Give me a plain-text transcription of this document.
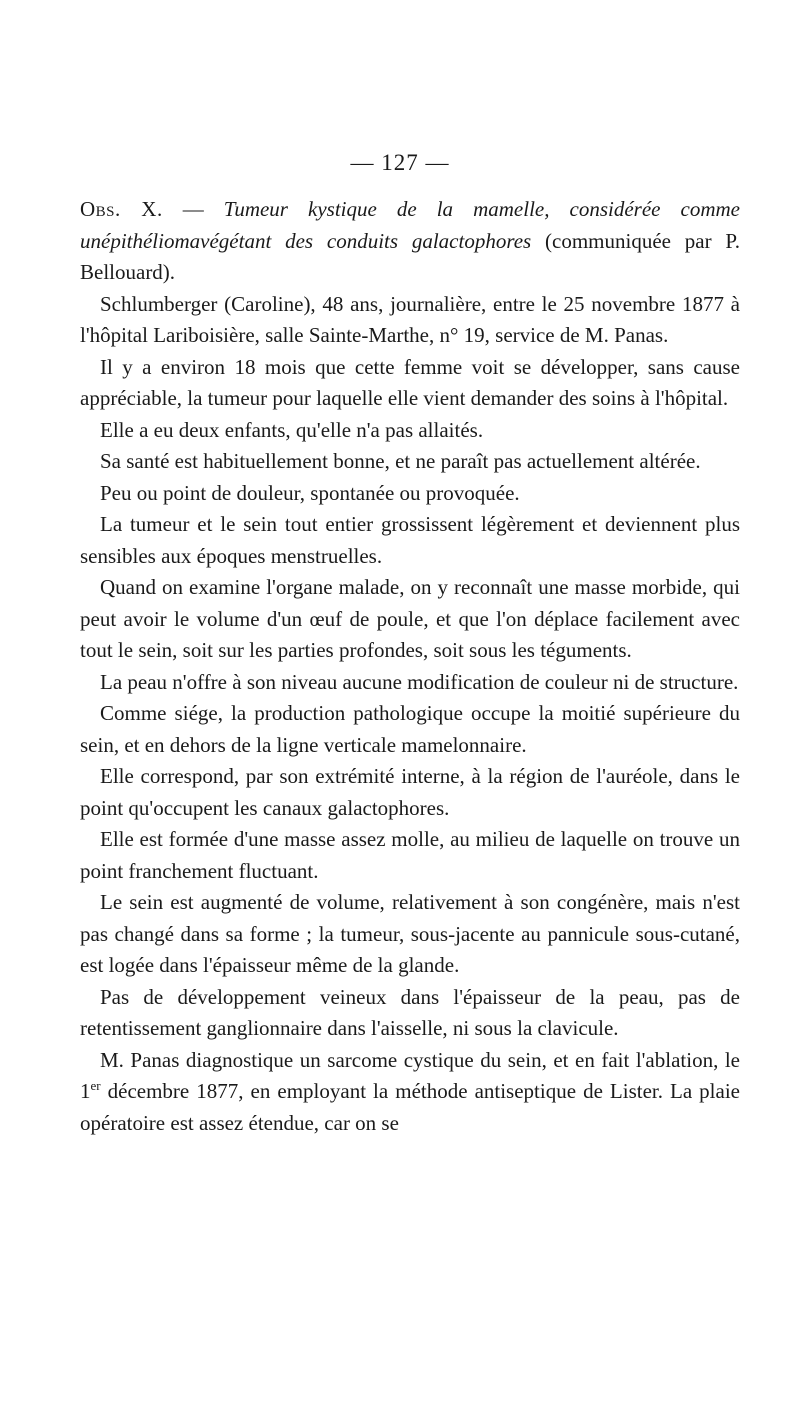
— 127 —

Obs. X. — Tumeur kystique de la mamelle, considérée comme unépithéliomavégétant des conduits galactophores (communiquée par P. Bellouard).

Schlumberger (Caroline), 48 ans, journalière, entre le 25 novembre 1877 à l'hôpital Lariboisière, salle Sainte-Marthe, n° 19, service de M. Panas.

Il y a environ 18 mois que cette femme voit se développer, sans cause appréciable, la tumeur pour laquelle elle vient demander des soins à l'hôpital.

Elle a eu deux enfants, qu'elle n'a pas allaités.

Sa santé est habituellement bonne, et ne paraît pas actuellement altérée.

Peu ou point de douleur, spontanée ou provoquée.

La tumeur et le sein tout entier grossissent légèrement et deviennent plus sensibles aux époques menstruelles.

Quand on examine l'organe malade, on y reconnaît une masse morbide, qui peut avoir le volume d'un œuf de poule, et que l'on déplace facilement avec tout le sein, soit sur les parties profondes, soit sous les téguments.

La peau n'offre à son niveau aucune modification de couleur ni de structure.

Comme siége, la production pathologique occupe la moitié supérieure du sein, et en dehors de la ligne verticale mamelonnaire.

Elle correspond, par son extrémité interne, à la région de l'auréole, dans le point qu'occupent les canaux galactophores.

Elle est formée d'une masse assez molle, au milieu de laquelle on trouve un point franchement fluctuant.

Le sein est augmenté de volume, relativement à son congénère, mais n'est pas changé dans sa forme ; la tumeur, sous-jacente au pannicule sous-cutané, est logée dans l'épaisseur même de la glande.

Pas de développement veineux dans l'épaisseur de la peau, pas de retentissement ganglionnaire dans l'aisselle, ni sous la clavicule.

M. Panas diagnostique un sarcome cystique du sein, et en fait l'ablation, le 1er décembre 1877, en employant la méthode antiseptique de Lister. La plaie opératoire est assez étendue, car on se
